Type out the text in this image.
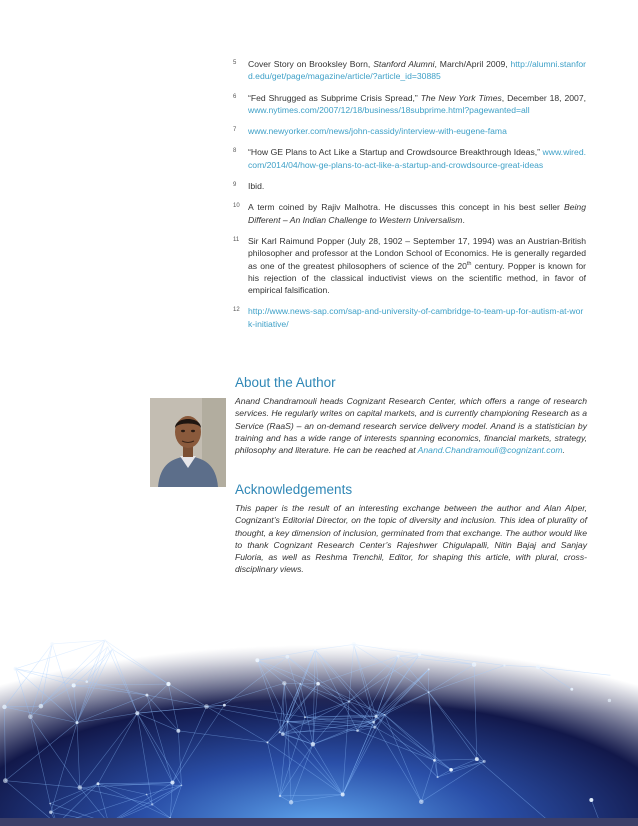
5 Cover Story on Brooksley Born, Stanford Alumni, March/April 2009, http://alumni.stanford.edu/get/page/magazine/article/?article_id=30885
6 “Fed Shrugged as Subprime Crisis Spread,” The New York Times, December 18, 2007, www.nytimes.com/2007/12/18/business/18subprime.html?pagewanted=all
7 www.newyorker.com/news/john-cassidy/interview-with-eugene-fama
8 “How GE Plans to Act Like a Startup and Crowdsource Breakthrough Ideas,” www.wired.com/2014/04/how-ge-plans-to-act-like-a-startup-and-crowdsource-great-ideas
9 Ibid.
10 A term coined by Rajiv Malhotra. He discusses this concept in his best seller Being Different – An Indian Challenge to Western Universalism.
11 Sir Karl Raimund Popper (July 28, 1902 – September 17, 1994) was an Austrian-British philosopher and professor at the London School of Economics. He is generally regarded as one of the greatest philosophers of science of the 20th century. Popper is known for his rejection of the classical inductivist views on the scientific method, in favor of empirical falsification.
12 http://www.news-sap.com/sap-and-university-of-cambridge-to-team-up-for-autism-at-work-initiative/
About the Author
Anand Chandramouli heads Cognizant Research Center, which offers a range of research services. He regularly writes on capital markets, and is currently championing Research as a Service (RaaS) – an on-demand research service delivery model. Anand is a statistician by training and has a wide range of interests spanning economics, financial markets, strategy, philosophy and literature. He can be reached at Anand.Chandramouli@cognizant.com.
Acknowledgements
This paper is the result of an interesting exchange between the author and Alan Alper, Cognizant’s Editorial Director, on the topic of diversity and inclusion. This idea of plurality of thought, a key dimension of inclusion, germinated from that exchange. The author would like to thank Cognizant Research Center’s Rajeshwer Chigulapalli, Nitin Bajaj and Sanjay Fuloria, as well as Reshma Trenchil, Editor, for shaping this article, with plural, cross-disciplinary views.
